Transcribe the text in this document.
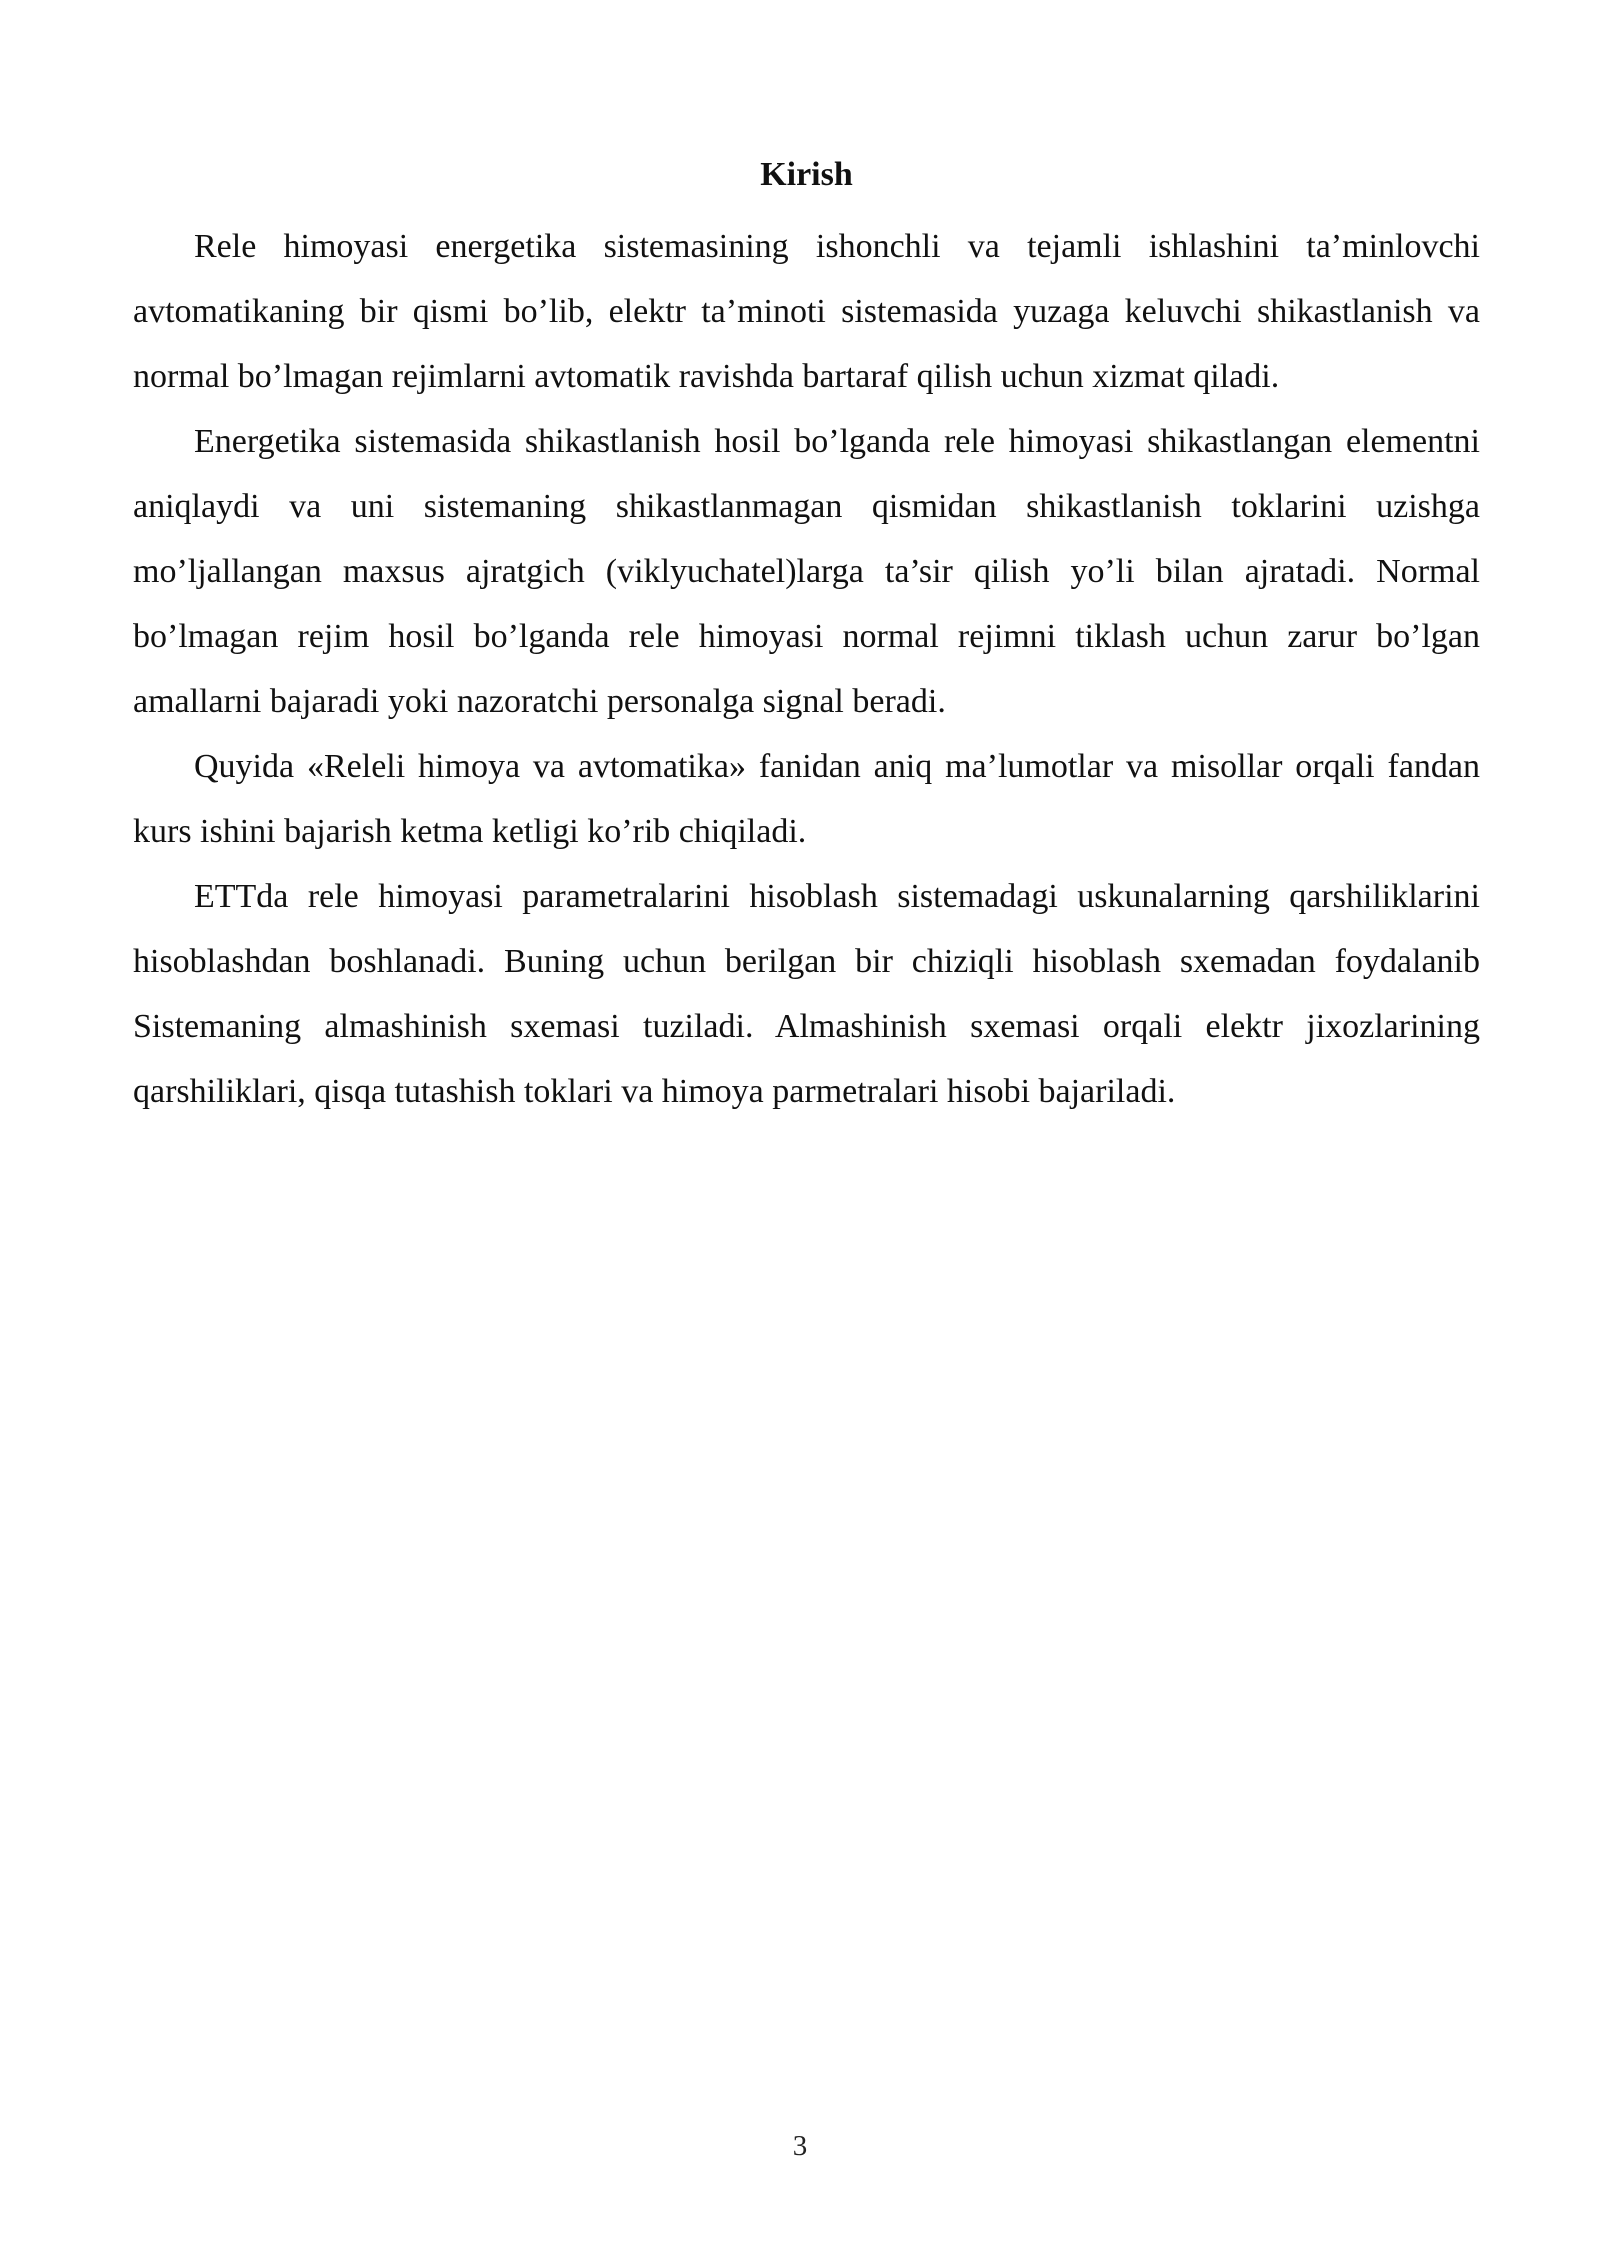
Kirish

Rele himoyasi energetika sistemasining ishonchli va tejamli ishlashini ta’minlovchi avtomatikaning bir qismi bo’lib, elektr ta’minoti sistemasida yuzaga keluvchi shikastlanish va normal bo’lmagan rejimlarni avtomatik ravishda bartaraf qilish uchun xizmat qiladi.

Energetika sistemasida shikastlanish hosil bo’lganda rele himoyasi shikastlangan elementni aniqlaydi va uni sistemaning shikastlanmagan qismidan shikastlanish toklarini uzishga mo’ljallangan maxsus ajratgich (viklyuchatel)larga ta’sir qilish yo’li bilan ajratadi. Normal bo’lmagan rejim hosil bo’lganda rele himoyasi normal rejimni tiklash uchun zarur bo’lgan amallarni bajaradi yoki nazoratchi personalga signal beradi.

Quyida «Releli himoya va avtomatika» fanidan aniq ma’lumotlar va misollar orqali fandan kurs ishini bajarish ketma ketligi ko’rib chiqiladi.

ETTda rele himoyasi parametralarini hisoblash sistemadagi uskunalarning qarshiliklarini hisoblashdan boshlanadi. Buning uchun berilgan bir chiziqli hisoblash sxemadan foydalanib Sistemaning almashinish sxemasi tuziladi. Almashinish sxemasi orqali elektr jixozlarining qarshiliklari, qisqa tutashish toklari va himoya parmetralari hisobi bajariladi.

3
